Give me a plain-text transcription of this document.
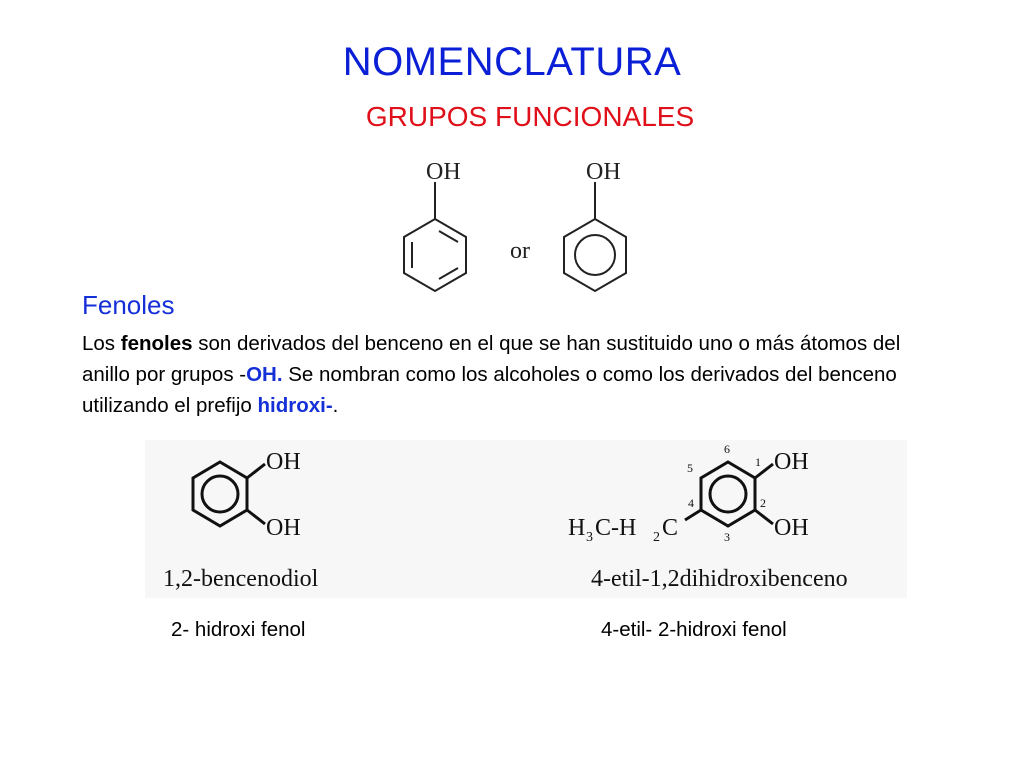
NOMENCLATURA
GRUPOS FUNCIONALES
OH
or
OH
Fenoles
Los fenoles son derivados del benceno en el que se han sustituido uno o más átomos del anillo por grupos -OH. Se nombran como los alcoholes o como los derivados del benceno utilizando el prefijo hidroxi-.
OH
OH
1,2-bencenodiol
OH
OH
H 3 C-H 2 C
6
1
5
4	2
3
4-etil-1,2dihidroxibenceno
2- hidroxi fenol	4-etil- 2-hidroxi fenol
